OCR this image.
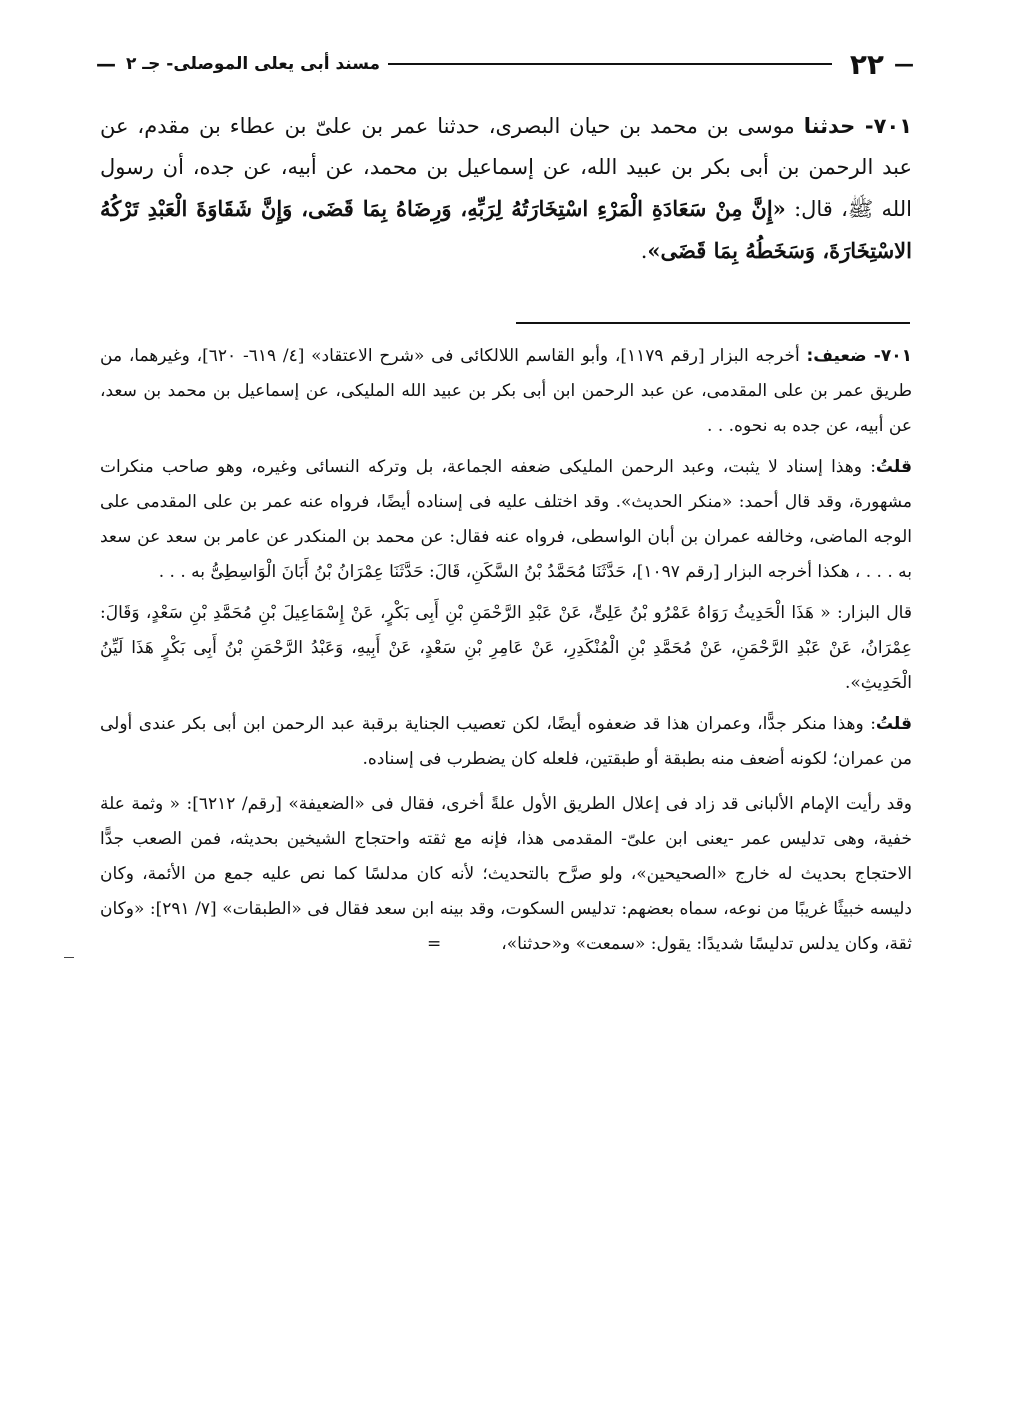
—
٢٢
مسند أبى يعلى الموصلى- جـ ٢
—
٧٠١- حدثنا موسى بن محمد بن حيان البصرى، حدثنا عمر بن علىّ بن عطاء بن مقدم، عن عبد الرحمن بن أبى بكر بن عبيد الله، عن إسماعيل بن محمد، عن أبيه، عن جده، أن رسول الله ﷺ، قال: «إِنَّ مِنْ سَعَادَةِ الْمَرْءِ اسْتِخَارَتُهُ لِرَبِّهِ، وَرِضَاهُ بِمَا قَضَى، وَإِنَّ شَقَاوَةَ الْعَبْدِ تَرْكُهُ الاسْتِخَارَةَ، وَسَخَطُهُ بِمَا قَضَى».

٧٠١- ضعيف: أخرجه البزار [رقم ١١٧٩]، وأبو القاسم اللالكائى فى «شرح الاعتقاد» [٤/ ٦١٩- ٦٢٠]، وغيرهما، من طريق عمر بن على المقدمى، عن عبد الرحمن ابن أبى بكر بن عبيد الله المليكى، عن إسماعيل بن محمد بن سعد، عن أبيه، عن جده به نحوه. . .

قلتُ: وهذا إسناد لا يثبت، وعبد الرحمن المليكى ضعفه الجماعة، بل وتركه النسائى وغيره، وهو صاحب منكرات مشهورة، وقد قال أحمد: «منكر الحديث». وقد اختلف عليه فى إسناده أيضًا، فرواه عنه عمر بن على المقدمى على الوجه الماضى، وخالفه عمران بن أبان الواسطى، فرواه عنه فقال: عن محمد بن المنكدر عن عامر بن سعد عن سعد به . . . ، هكذا أخرجه البزار [رقم ١٠٩٧]، حَدَّثَنَا مُحَمَّدُ بْنُ السَّكَنِ، قَالَ: حَدَّثَنَا عِمْرَانُ بْنُ أَبَانَ الْوَاسِطِىُّ به . . .

قال البزار: « هَذَا الْحَدِيثُ رَوَاهُ عَمْرُو بْنُ عَلِىٍّ، عَنْ عَبْدِ الرَّحْمَنِ بْنِ أَبِى بَكْرٍ، عَنْ إِسْمَاعِيلَ بْنِ مُحَمَّدِ بْنِ سَعْدٍ، وَقَالَ: عِمْرَانُ، عَنْ عَبْدِ الرَّحْمَنِ، عَنْ مُحَمَّدِ بْنِ الْمُنْكَدِرِ، عَنْ عَامِرِ بْنِ سَعْدٍ، عَنْ أَبِيهِ، وَعَبْدُ الرَّحْمَنِ بْنُ أَبِى بَكْرٍ هَذَا لَيِّنُ الْحَدِيثِ».

قلتُ: وهذا منكر جدًّا، وعمران هذا قد ضعفوه أيضًا، لكن تعصيب الجناية برقبة عبد الرحمن ابن أبى بكر عندى أولى من عمران؛ لكونه أضعف منه بطبقة أو طبقتين، فلعله كان يضطرب فى إسناده.

وقد رأيت الإمام الألبانى قد زاد فى إعلال الطريق الأول علةً أخرى، فقال فى «الضعيفة» [رقم/ ٦٢١٢]: « وثمة علة خفية، وهى تدليس عمر -يعنى ابن علىّ- المقدمى هذا، فإنه مع ثقته واحتجاج الشيخين بحديثه، فمن الصعب جدًّا الاحتجاج بحديث له خارج «الصحيحين»، ولو صرَّح بالتحديث؛ لأنه كان مدلسًا كما نص عليه جمع من الأئمة، وكان دليسه خبيثًا غريبًا من نوعه، سماه بعضهم: تدليس السكوت، وقد بينه ابن سعد فقال فى «الطبقات» [٧/ ٢٩١]: «وكان ثقة، وكان يدلس تدليسًا شديدًا: يقول: «سمعت» و«حدثنا»،=
